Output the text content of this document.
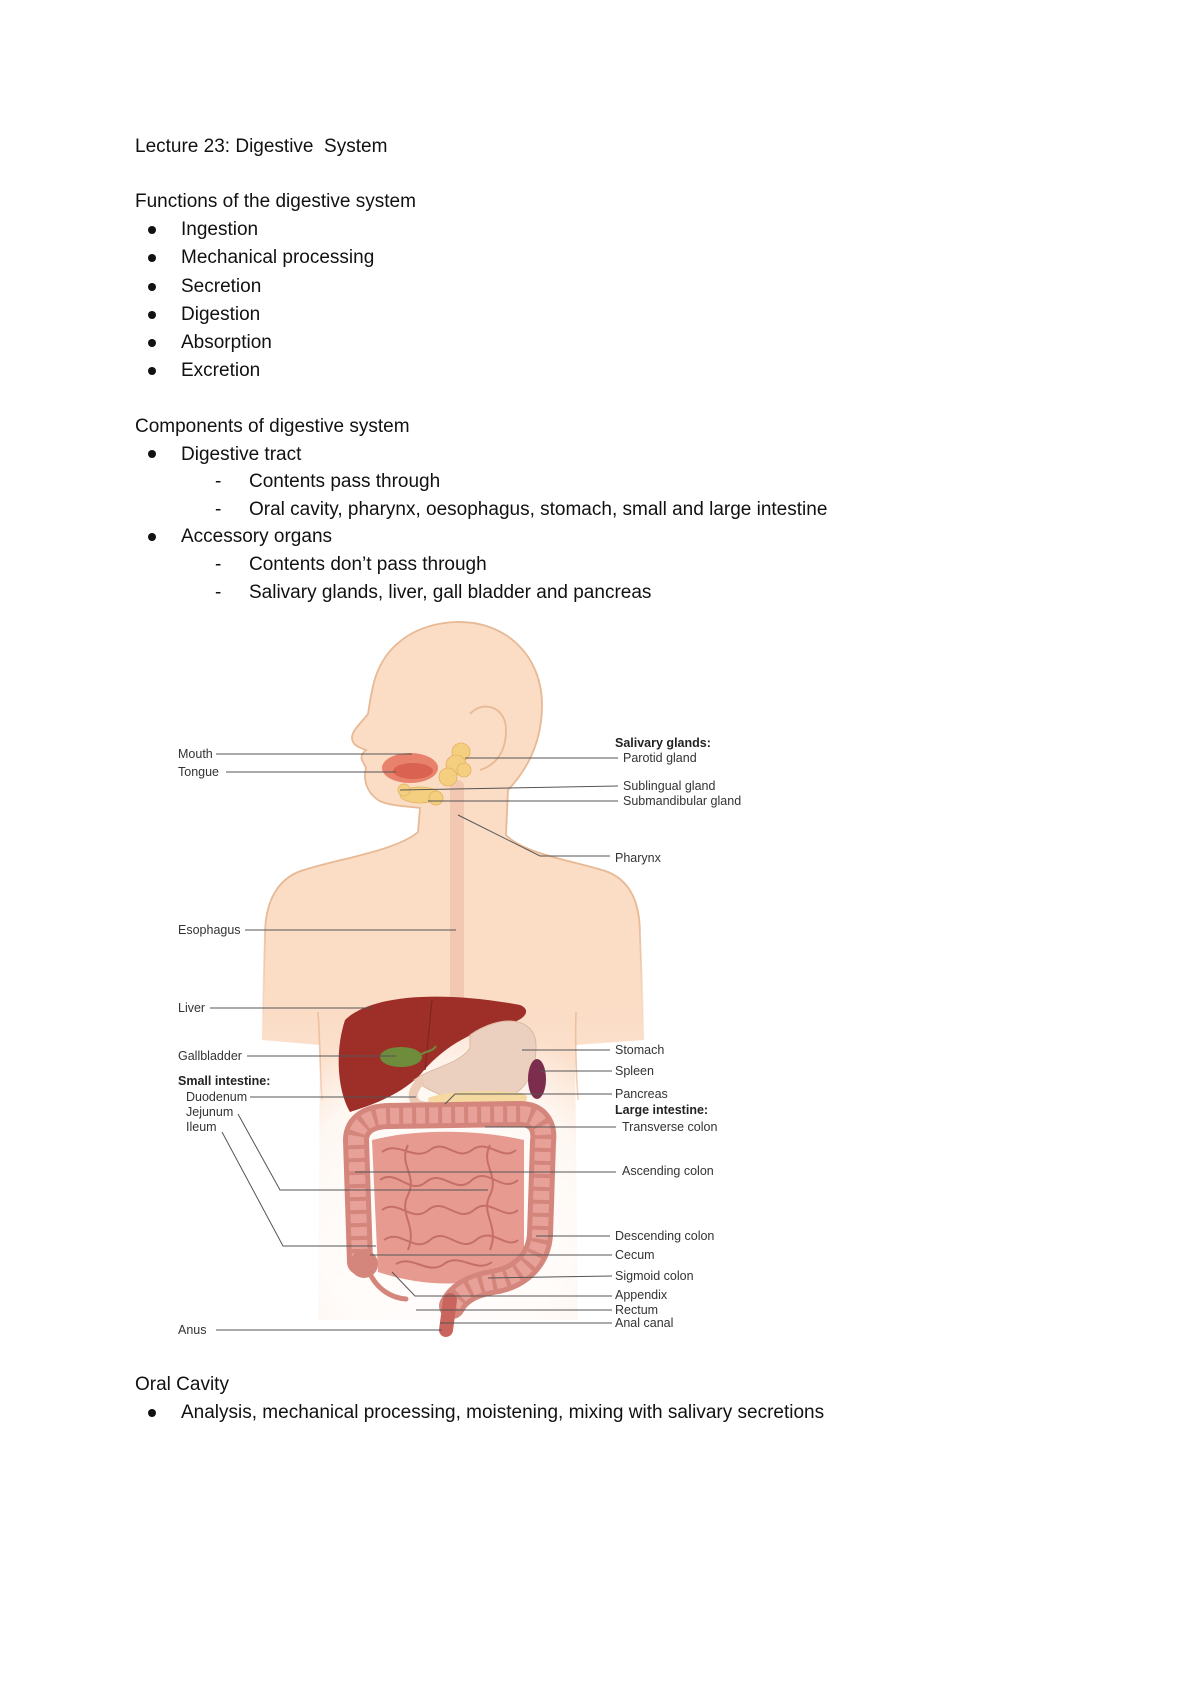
Lecture 23: Digestive  System
Functions of the digestive system
Ingestion
Mechanical processing
Secretion
Digestion
Absorption
Excretion
Components of digestive system
Digestive tract
- Contents pass through
- Oral cavity, pharynx, oesophagus, stomach, small and large intestine
Accessory organs
- Contents don’t pass through
- Salivary glands, liver, gall bladder and pancreas
Mouth
Tongue
Esophagus
Liver
Gallbladder
Small intestine:
Duodenum
Jejunum
Ileum
Anus
Salivary glands:
Parotid gland
Sublingual gland
Submandibular gland
Pharynx
Stomach
Spleen
Pancreas
Large intestine:
Transverse colon
Ascending colon
Descending colon
Cecum
Sigmoid colon
Appendix
Rectum
Anal canal
Oral Cavity
Analysis, mechanical processing, moistening, mixing with salivary secretions
